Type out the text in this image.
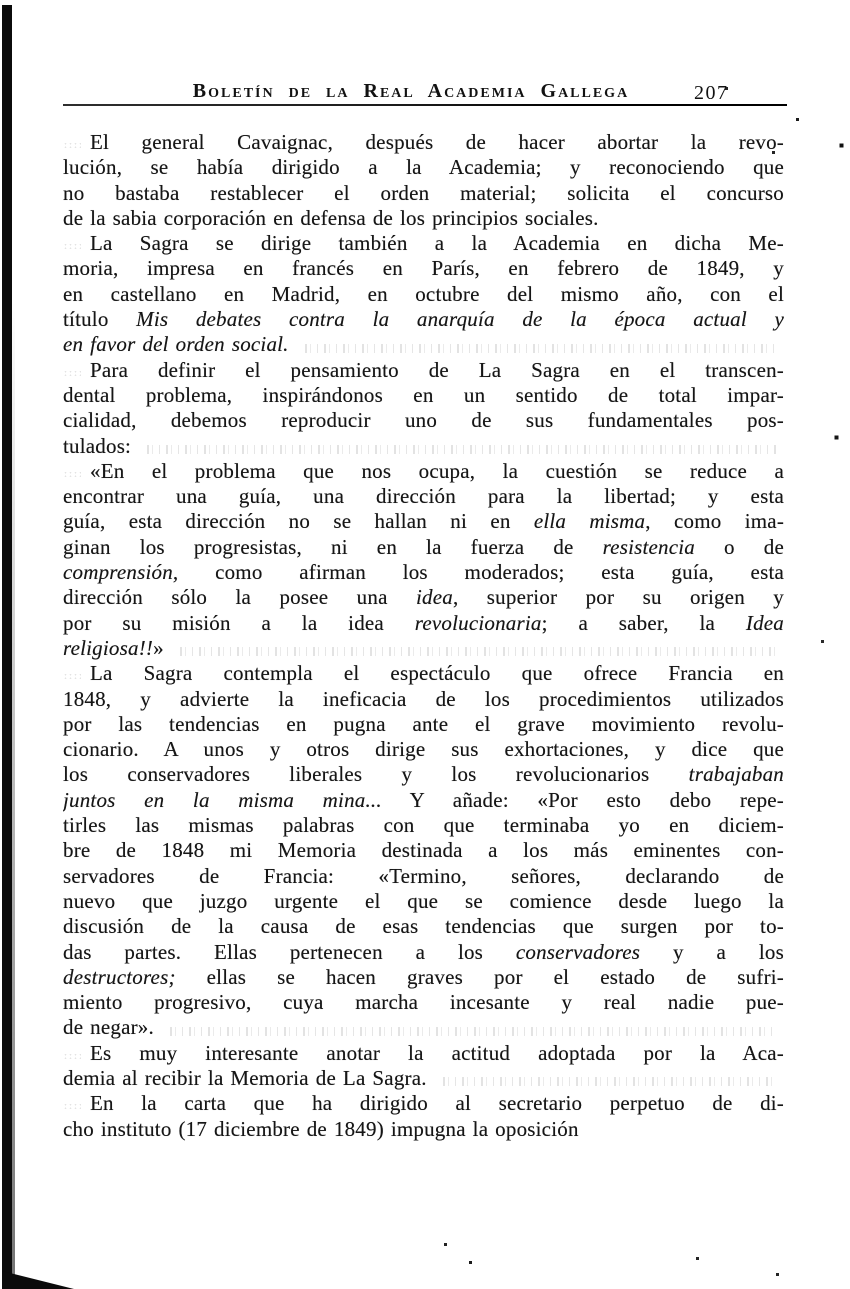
Boletín de la Real Academia Gallega	207
El general Cavaignac, después de hacer abortar la revo-
lución, se había dirigido a la Academia; y reconociendo que
no bastaba restablecer el orden material; solicita el concurso
de la sabia corporación en defensa de los principios sociales.
La Sagra se dirige también a la Academia en dicha Me-
moria, impresa en francés en París, en febrero de 1849, y
en castellano en Madrid, en octubre del mismo año, con el
título Mis debates contra la anarquía de la época actual y
en favor del orden social.
Para definir el pensamiento de La Sagra en el transcen-
dental problema, inspirándonos en un sentido de total impar-
cialidad, debemos reproducir uno de sus fundamentales pos-
tulados:
«En el problema que nos ocupa, la cuestión se reduce a
encontrar una guía, una dirección para la libertad; y esta
guía, esta dirección no se hallan ni en ella misma, como ima-
ginan los progresistas, ni en la fuerza de resistencia o de
comprensión, como afirman los moderados; esta guía, esta
dirección sólo la posee una idea, superior por su origen y
por su misión a la idea revolucionaria; a saber, la Idea
religiosa!!»
La Sagra contempla el espectáculo que ofrece Francia en
1848, y advierte la ineficacia de los procedimientos utilizados
por las tendencias en pugna ante el grave movimiento revolu-
cionario. A unos y otros dirige sus exhortaciones, y dice que
los conservadores liberales y los revolucionarios trabajaban
juntos en la misma mina... Y añade: «Por esto debo repe-
tirles las mismas palabras con que terminaba yo en diciem-
bre de 1848 mi Memoria destinada a los más eminentes con-
servadores de Francia: «Termino, señores, declarando de
nuevo que juzgo urgente el que se comience desde luego la
discusión de la causa de esas tendencias que surgen por to-
das partes. Ellas pertenecen a los conservadores y a los
destructores; ellas se hacen graves por el estado de sufri-
miento progresivo, cuya marcha incesante y real nadie pue-
de negar».
Es muy interesante anotar la actitud adoptada por la Aca-
demia al recibir la Memoria de La Sagra.
En la carta que ha dirigido al secretario perpetuo de di-
cho instituto (17 diciembre de 1849) impugna la oposición
